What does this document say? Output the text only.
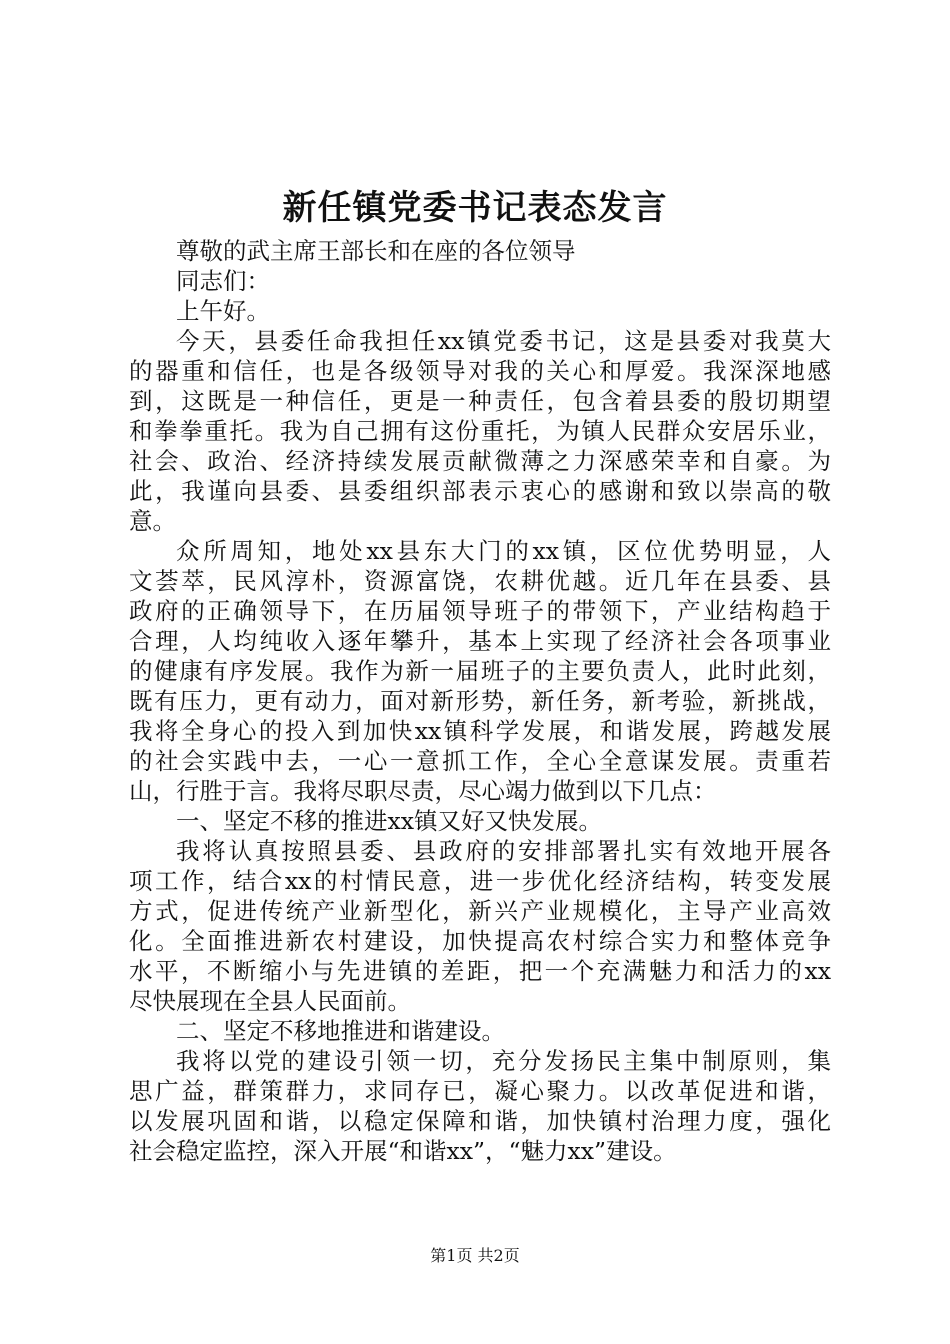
新任镇党委书记表态发言
尊敬的武主席王部长和在座的各位领导
同志们：
上午好。
今天，县委任命我担任xx镇党委书记，这是县委对我莫大
的器重和信任，也是各级领导对我的关心和厚爱。我深深地感
到，这既是一种信任，更是一种责任，包含着县委的殷切期望
和拳拳重托。我为自己拥有这份重托，为镇人民群众安居乐业，
社会、政治、经济持续发展贡献微薄之力深感荣幸和自豪。为
此，我谨向县委、县委组织部表示衷心的感谢和致以崇高的敬
意。
众所周知，地处xx县东大门的xx镇，区位优势明显，人
文荟萃，民风淳朴，资源富饶，农耕优越。近几年在县委、县
政府的正确领导下，在历届领导班子的带领下，产业结构趋于
合理，人均纯收入逐年攀升，基本上实现了经济社会各项事业
的健康有序发展。我作为新一届班子的主要负责人，此时此刻，
既有压力，更有动力，面对新形势，新任务，新考验，新挑战，
我将全身心的投入到加快xx镇科学发展，和谐发展，跨越发展
的社会实践中去，一心一意抓工作，全心全意谋发展。责重若
山，行胜于言。我将尽职尽责，尽心竭力做到以下几点：
一、坚定不移的推进xx镇又好又快发展。
我将认真按照县委、县政府的安排部署扎实有效地开展各
项工作，结合xx的村情民意，进一步优化经济结构，转变发展
方式，促进传统产业新型化，新兴产业规模化，主导产业高效
化。全面推进新农村建设，加快提高农村综合实力和整体竞争
水平，不断缩小与先进镇的差距，把一个充满魅力和活力的xx
尽快展现在全县人民面前。
二、坚定不移地推进和谐建设。
我将以党的建设引领一切，充分发扬民主集中制原则，集
思广益，群策群力，求同存已，凝心聚力。以改革促进和谐，
以发展巩固和谐，以稳定保障和谐，加快镇村治理力度，强化
社会稳定监控，深入开展“和谐xx”，“魅力xx”建设。
第1页 共2页
